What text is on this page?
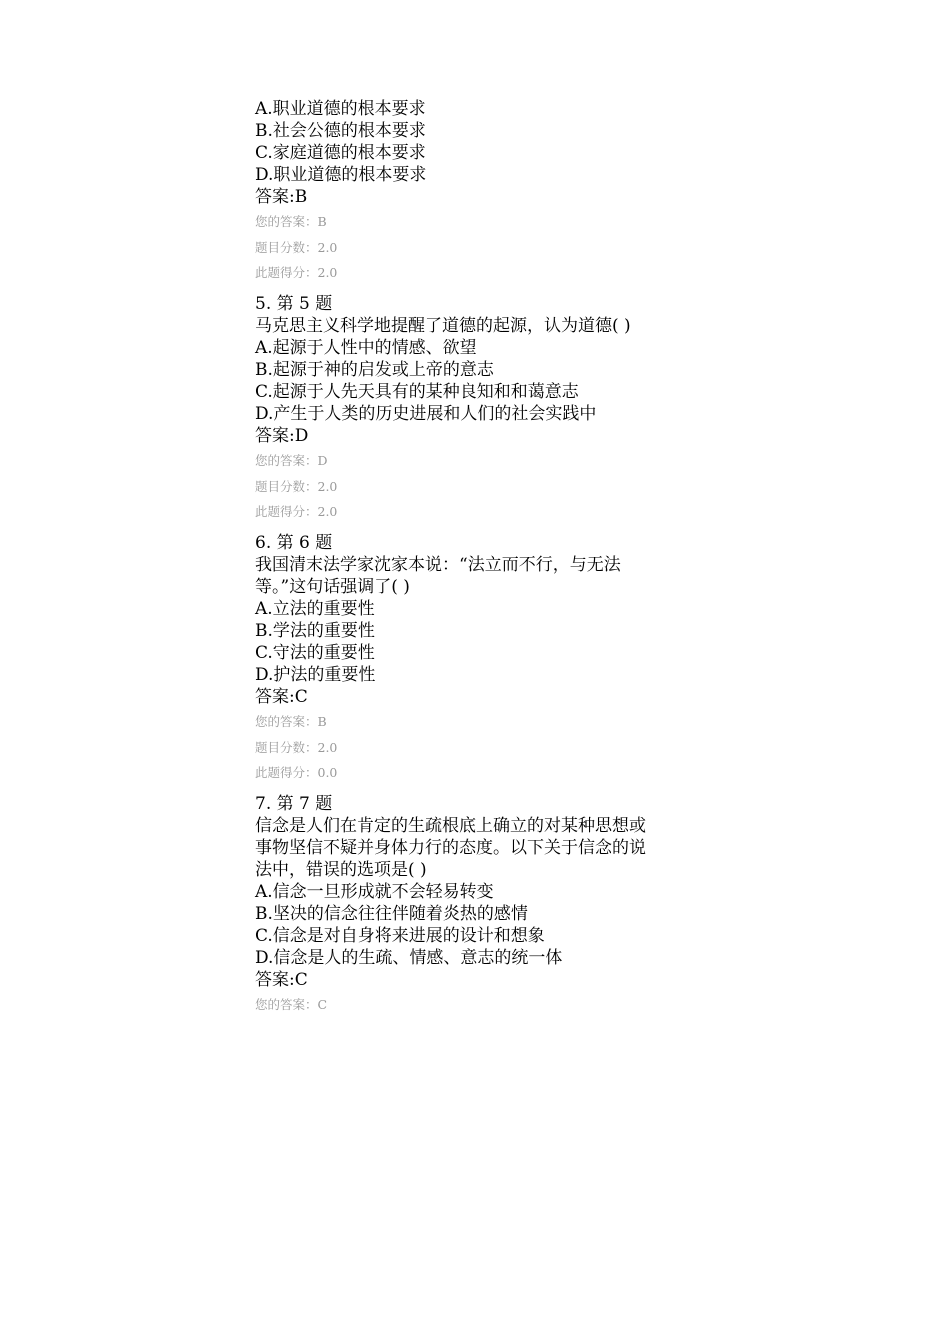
A.职业道德的根本要求
B.社会公德的根本要求
C.家庭道德的根本要求
D.职业道德的根本要求
答案:B
您的答案：B
题目分数：2.0
此题得分：2.0
5. 第 5 题
马克思主义科学地提醒了道德的起源，认为道德( )
A.起源于人性中的情感、欲望
B.起源于神的启发或上帝的意志
C.起源于人先天具有的某种良知和和蔼意志
D.产生于人类的历史进展和人们的社会实践中
答案:D
您的答案：D
题目分数：2.0
此题得分：2.0
6. 第 6 题
我国清末法学家沈家本说：“法立而不行，与无法
等。”这句话强调了( )
A.立法的重要性
B.学法的重要性
C.守法的重要性
D.护法的重要性
答案:C
您的答案：B
题目分数：2.0
此题得分：0.0
7. 第 7 题
信念是人们在肯定的生疏根底上确立的对某种思想或
事物坚信不疑并身体力行的态度。以下关于信念的说
法中，错误的选项是( )
A.信念一旦形成就不会轻易转变
B.坚决的信念往往伴随着炎热的感情
C.信念是对自身将来进展的设计和想象
D.信念是人的生疏、情感、意志的统一体
答案:C
您的答案：C
